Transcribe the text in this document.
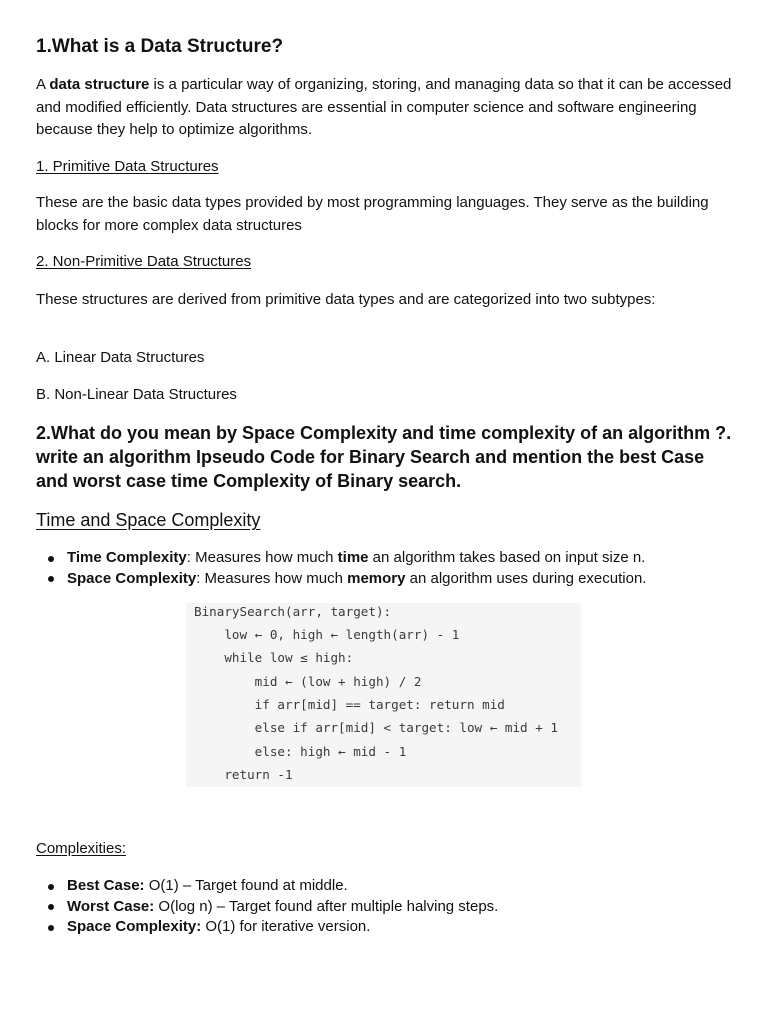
1.What is a Data Structure?

A data structure is a particular way of organizing, storing, and managing data so that it can be accessed and modified efficiently. Data structures are essential in computer science and software engineering because they help to optimize algorithms.

1. Primitive Data Structures

These are the basic data types provided by most programming languages. They serve as the building blocks for more complex data structures

2. Non-Primitive Data Structures

These structures are derived from primitive data types and are categorized into two subtypes:

A. Linear Data Structures

B. Non-Linear Data Structures

2.What do you mean by Space Complexity and time complexity of an algorithm ?. write an algorithm Ipseudo Code for Binary Search and mention the best Case and worst case time Complexity of Binary search.
Time and Space Complexity
Time Complexity: Measures how much time an algorithm takes based on input size n.
Space Complexity: Measures how much memory an algorithm uses during execution.

Complexities:

Best Case: O(1) – Target found at middle.
Worst Case: O(log n) – Target found after multiple halving steps.
Space Complexity: O(1) for iterative version.
BinarySearch(arr, target):
low ← 0, high ← length(arr) - 1
while low ≤ high:
mid ← (low + high) / 2
if arr[mid] == target: return mid
else if arr[mid] < target: low ← mid + 1
else: high ← mid - 1
return -1
